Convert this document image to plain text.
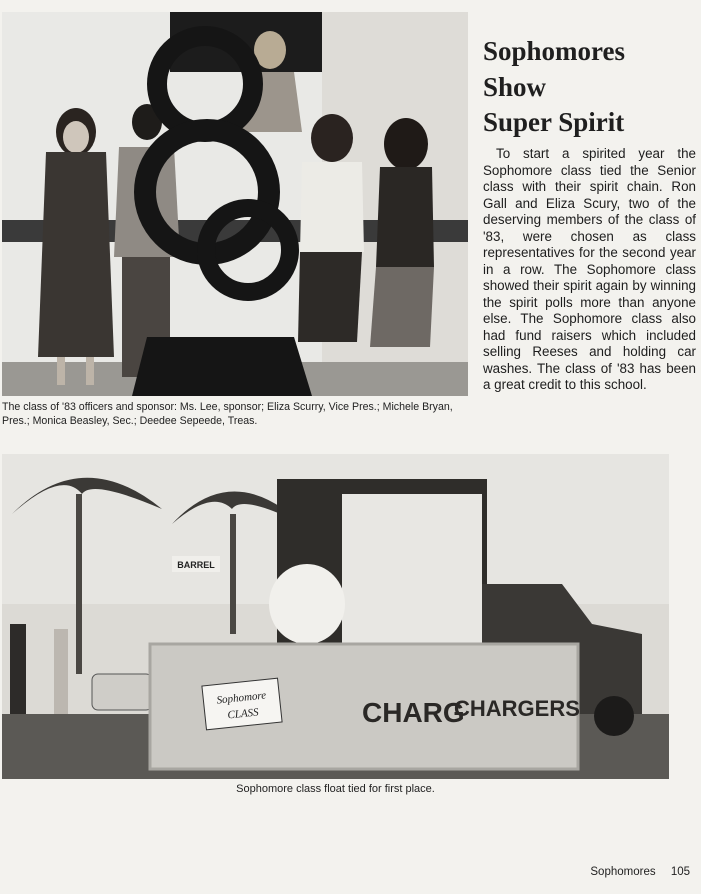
The class of '83 officers and sponsor: Ms. Lee, sponsor; Eliza Scurry, Vice Pres.; Michele Bryan, Pres.; Monica Beasley, Sec.; Deedee Sepeede, Treas.
Sophomores
Show
Super Spirit
To start a spirited year the Sophomore class tied the Senior class with their spirit chain. Ron Gall and Eliza Scury, two of the deserving members of the class of '83, were chosen as class representatives for the second year in a row. The Sophomore class showed their spirit again by winning the spirit polls more than anyone else. The Sophomore class also had fund raisers which included selling Reeses and holding car washes. The class of '83 has been a great credit to this school.
BARREL
Sophomore
CLASS	CHARG
CHARGERS
Sophomore class float tied for first place.
Sophomores 105
